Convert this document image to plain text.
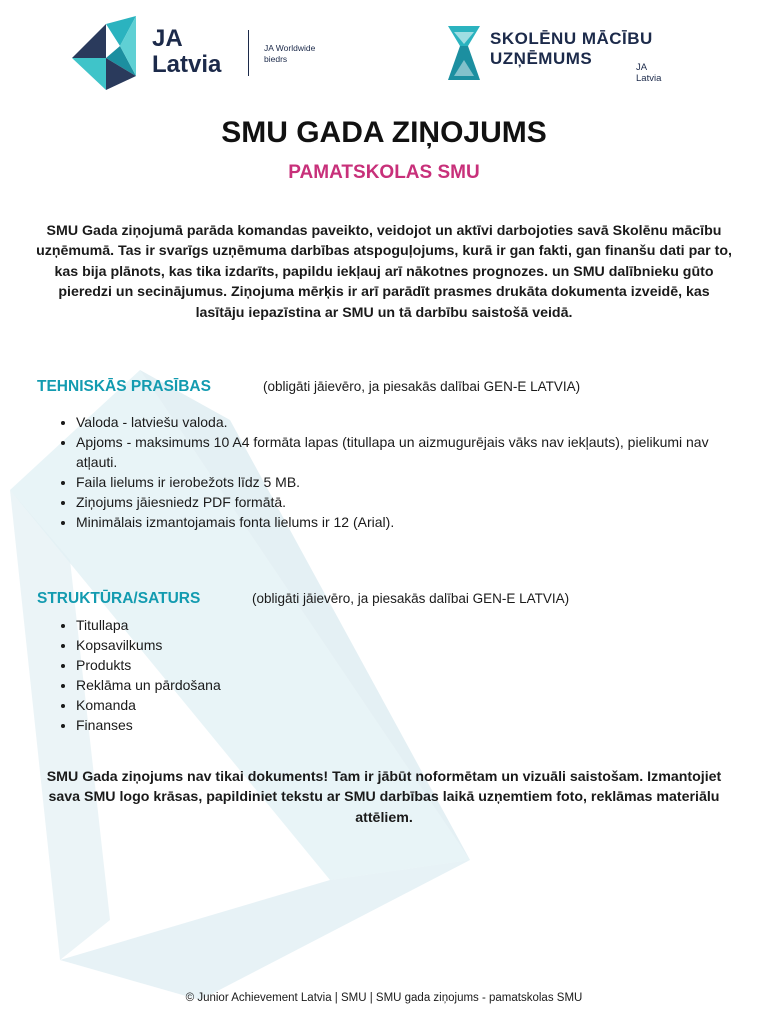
JA
Latvia
JA Worldwide
biedrs
SKOLĒNU MĀCĪBU
UZŅĒMUMS	JA
Latvia
SMU GADA ZIŅOJUMS
PAMATSKOLAS SMU
SMU Gada ziņojumā parāda komandas paveikto, veidojot un aktīvi darbojoties savā Skolēnu mācību uzņēmumā. Tas ir svarīgs uzņēmuma darbības atspoguļojums, kurā ir gan fakti, gan finanšu dati par to, kas bija plānots, kas tika izdarīts, papildu iekļauj arī nākotnes prognozes. un SMU dalībnieku gūto pieredzi un secinājumus. Ziņojuma mērķis ir arī parādīt prasmes drukāta dokumenta izveidē, kas lasītāju iepazīstina ar SMU un tā darbību saistošā veidā.
TEHNISKĀS PRASĪBAS	(obligāti jāievēro, ja piesakās dalībai GEN-E LATVIA)
• Valoda - latviešu valoda.
• Apjoms - maksimums 10 A4 formāta lapas (titullapa un aizmugurējais vāks nav iekļauts), pielikumi nav atļauti.
• Faila lielums ir ierobežots līdz 5 MB.
• Ziņojums jāiesniedz PDF formātā.
• Minimālais izmantojamais fonta lielums ir 12 (Arial).
STRUKTŪRA/SATURS	(obligāti jāievēro, ja piesakās dalībai GEN-E LATVIA)
• Titullapa
• Kopsavilkums
• Produkts
• Reklāma un pārdošana
• Komanda
• Finanses
SMU Gada ziņojums nav tikai dokuments! Tam ir jābūt noformētam un vizuāli saistošam. Izmantojiet sava SMU logo krāsas, papildiniet tekstu ar SMU darbības laikā uzņemtiem foto, reklāmas materiālu attēliem.
© Junior Achievement Latvia | SMU | SMU gada ziņojums - pamatskolas SMU
